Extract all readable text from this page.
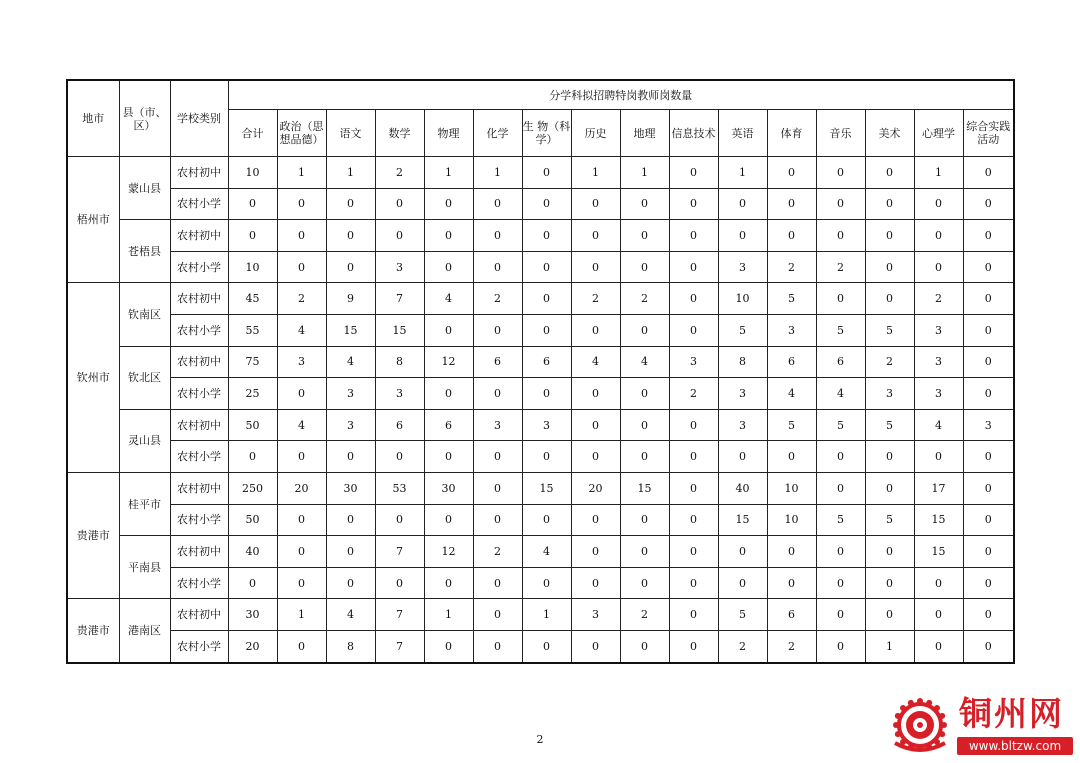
地市	县（市、区）	学校类别	分学科拟招聘特岗教师岗数量															
			合计	政治（思想品德）	语文	数学	物理	化学	生 物（科学）	历史	地理	信息技术	英语	体育	音乐	美术	心理学	综合实践活动
梧州市	蒙山县	农村初中	10	1	1	2	1	1	0	1	1	0	1	0	0	0	1	0
		农村小学	0	0	0	0	0	0	0	0	0	0	0	0	0	0	0	0
	苍梧县	农村初中	0	0	0	0	0	0	0	0	0	0	0	0	0	0	0	0
		农村小学	10	0	0	3	0	0	0	0	0	0	3	2	2	0	0	0
钦州市	钦南区	农村初中	45	2	9	7	4	2	0	2	2	0	10	5	0	0	2	0
		农村小学	55	4	15	15	0	0	0	0	0	0	5	3	5	5	3	0
	钦北区	农村初中	75	3	4	8	12	6	6	4	4	3	8	6	6	2	3	0
		农村小学	25	0	3	3	0	0	0	0	0	2	3	4	4	3	3	0
	灵山县	农村初中	50	4	3	6	6	3	3	0	0	0	3	5	5	5	4	3
		农村小学	0	0	0	0	0	0	0	0	0	0	0	0	0	0	0	0
贵港市	桂平市	农村初中	250	20	30	53	30	0	15	20	15	0	40	10	0	0	17	0
		农村小学	50	0	0	0	0	0	0	0	0	0	15	10	5	5	15	0
	平南县	农村初中	40	0	0	7	12	2	4	0	0	0	0	0	0	0	15	0
		农村小学	0	0	0	0	0	0	0	0	0	0	0	0	0	0	0	0
贵港市	港南区	农村初中	30	1	4	7	1	0	1	3	2	0	5	6	0	0	0	0
		农村小学	20	0	8	7	0	0	0	0	0	0	2	2	0	1	0	0
2
铜州网
www.bltzw.com
